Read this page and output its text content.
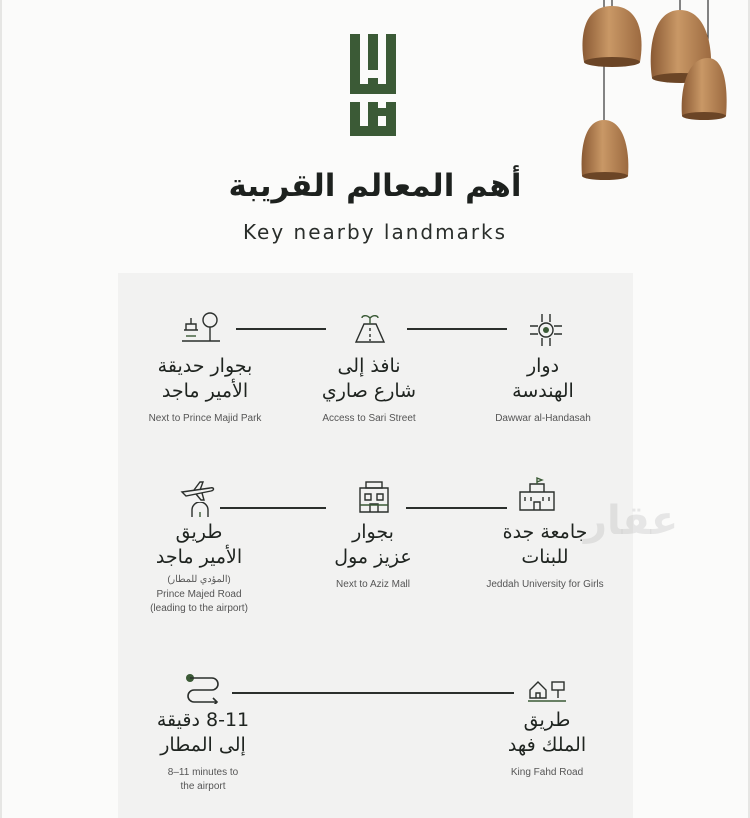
أهم المعالم القريبة
Key nearby landmarks
عقار
دوار
الهندسة
Dawwar al-Handasah
نافذ إلى
شارع صاري
Access to Sari Street
بجوار حديقة
الأمير ماجد
Next to Prince Majid Park
جامعة جدة
للبنات
Jeddah University for Girls
بجوار
عزيز مول
Next to Aziz Mall
طريق
الأمير ماجد
(المؤدي للمطار)
Prince Majed Road
(leading to the airport)
طريق
الملك فهد
King Fahd Road
8-11 دقيقة
إلى المطار
8–11 minutes to
the airport
